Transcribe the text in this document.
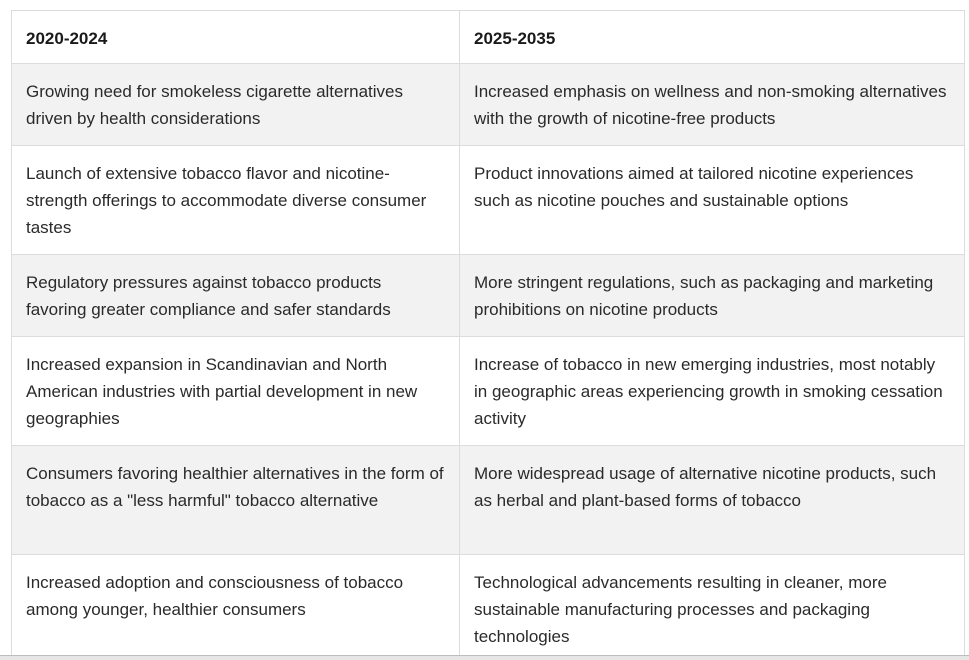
2020-2024	2025-2035
Growing need for smokeless cigarette alternatives driven by health considerations	Increased emphasis on wellness and non-smoking alternatives with the growth of nicotine-free products
Launch of extensive tobacco flavor and nicotine-strength offerings to accommodate diverse consumer tastes	Product innovations aimed at tailored nicotine experiences such as nicotine pouches and sustainable options
Regulatory pressures against tobacco products favoring greater compliance and safer standards	More stringent regulations, such as packaging and marketing prohibitions on nicotine products
Increased expansion in Scandinavian and North American industries with partial development in new geographies	Increase of tobacco in new emerging industries, most notably in geographic areas experiencing growth in smoking cessation activity
Consumers favoring healthier alternatives in the form of tobacco as a "less harmful" tobacco alternative	More widespread usage of alternative nicotine products, such as herbal and plant-based forms of tobacco
Increased adoption and consciousness of tobacco among younger, healthier consumers	Technological advancements resulting in cleaner, more sustainable manufacturing processes and packaging technologies
